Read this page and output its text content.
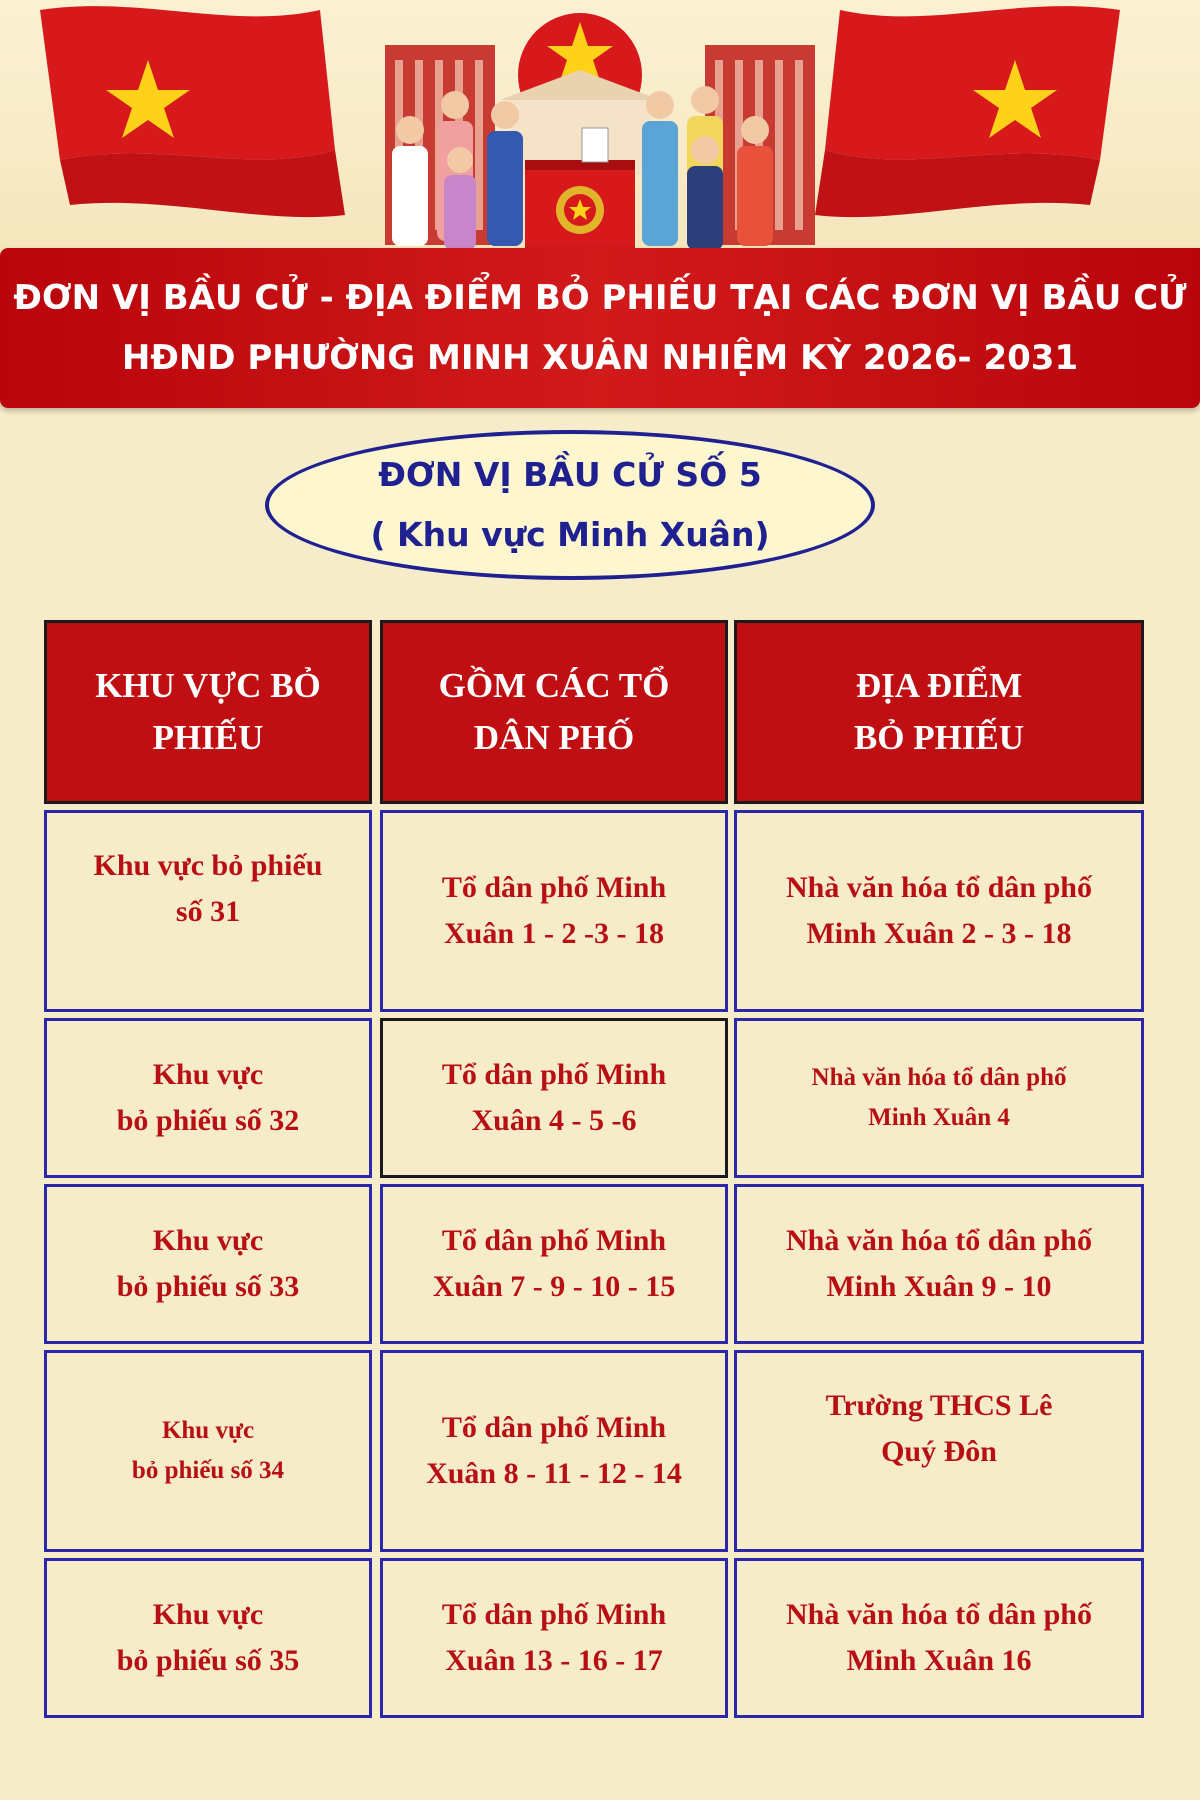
ĐƠN VỊ BẦU CỬ - ĐỊA ĐIỂM BỎ PHIẾU TẠI CÁC ĐƠN VỊ BẦU CỬ
HĐND PHƯỜNG MINH XUÂN NHIỆM KỲ 2026- 2031
ĐƠN VỊ BẦU CỬ SỐ 5
( Khu vực Minh Xuân)
KHU VỰC BỎ
PHIẾU
GỒM CÁC TỔ
DÂN PHỐ
ĐỊA ĐIỂM
BỎ PHIẾU
Khu vực bỏ phiếu
số 31
Tổ dân phố Minh
Xuân 1 - 2 -3 - 18
Nhà văn hóa tổ dân phố
Minh Xuân 2 - 3 - 18
Khu vực
bỏ phiếu số 32
Tổ dân phố Minh
Xuân 4 - 5 -6
Nhà văn hóa tổ dân phố
Minh Xuân 4
Khu vực
bỏ phiếu số 33
Tổ dân phố Minh
Xuân 7 - 9 - 10 - 15
Nhà văn hóa tổ dân phố
Minh Xuân 9 - 10
Khu vực
bỏ phiếu số 34
Tổ dân phố Minh
Xuân 8 - 11 - 12 - 14
Trường THCS Lê
Quý Đôn
Khu vực
bỏ phiếu số 35
Tổ dân phố Minh
Xuân 13 - 16 - 17
Nhà văn hóa tổ dân phố
Minh Xuân 16
